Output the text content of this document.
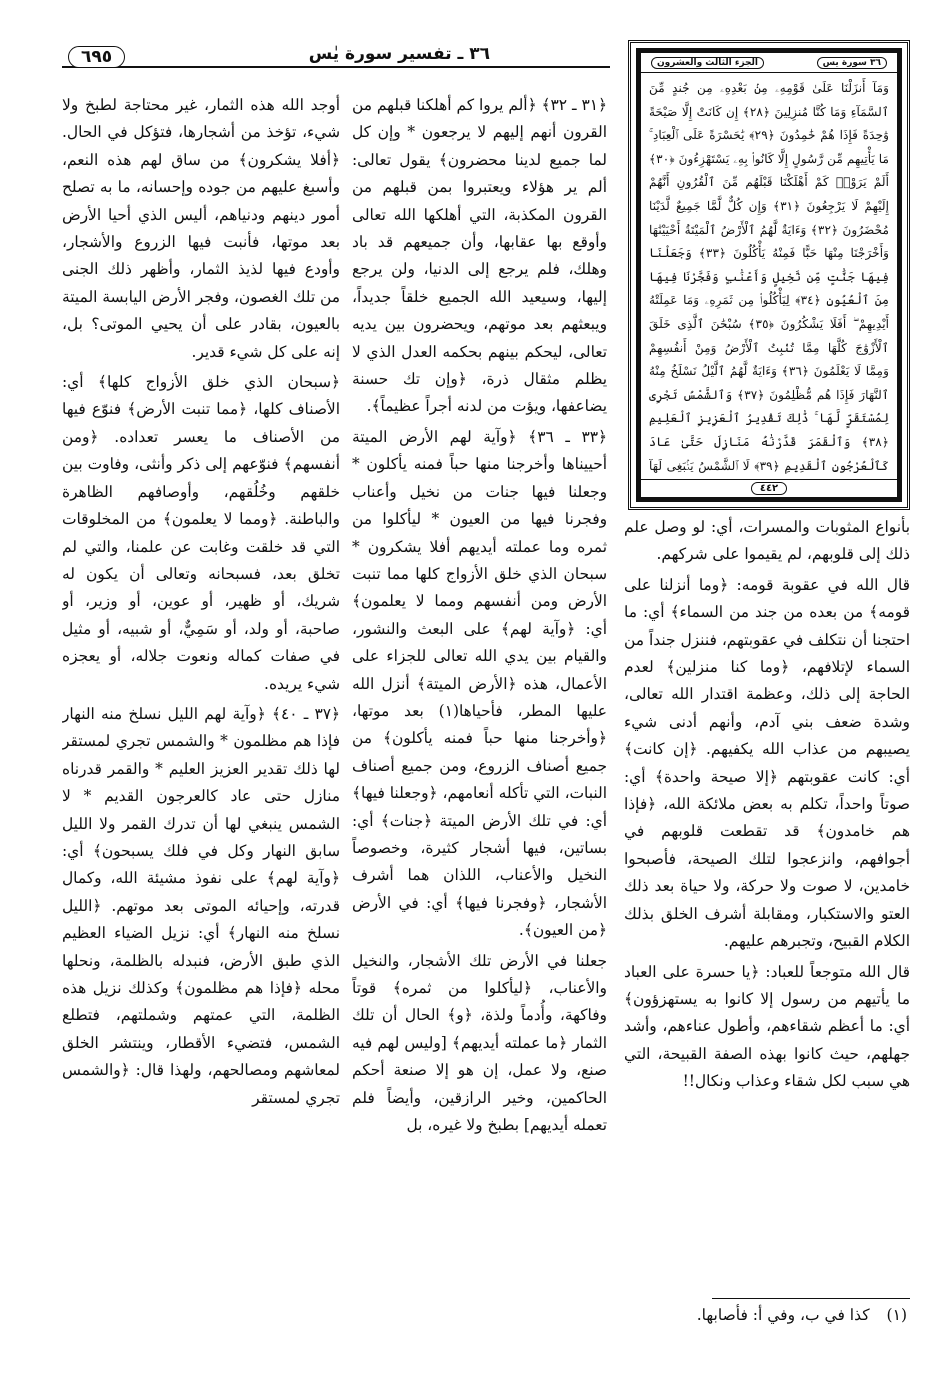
٦٩٥	٣٦ ـ تفسير سورة يٰس	٣٦ سورة يس
الجزء الثالث والعشرون
وَمَآ أَنزَلْنَا عَلَىٰ قَوْمِهِۦ مِنۢ بَعْدِهِۦ مِن جُندٍ مِّنَ ٱلسَّمَآءِ وَمَا كُنَّا مُنزِلِينَ ﴿٢٨﴾ إِن كَانَتْ إِلَّا صَيْحَةً وَٰحِدَةً فَإِذَا هُمْ خَٰمِدُونَ ﴿٢٩﴾ يَٰحَسْرَةً عَلَى ٱلْعِبَادِ ۚ مَا يَأْتِيهِم مِّن رَّسُولٍ إِلَّا كَانُوا۟ بِهِۦ يَسْتَهْزِءُونَ ﴿٣٠﴾ أَلَمْ يَرَوْا۟ كَمْ أَهْلَكْنَا قَبْلَهُم مِّنَ ٱلْقُرُونِ أَنَّهُمْ إِلَيْهِمْ لَا يَرْجِعُونَ ﴿٣١﴾ وَإِن كُلٌّ لَّمَّا جَمِيعٌ لَّدَيْنَا مُحْضَرُونَ ﴿٣٢﴾ وَءَايَةٌ لَّهُمُ ٱلْأَرْضُ ٱلْمَيْتَةُ أَحْيَيْنَٰهَا وَأَخْرَجْنَا مِنْهَا حَبًّا فَمِنْهُ يَأْكُلُونَ ﴿٣٣﴾ وَجَعَلْنَا فِيهَا جَنَّٰتٍ مِّن نَّخِيلٍ وَأَعْنَٰبٍ وَفَجَّرْنَا فِيهَا مِنَ ٱلْعُيُونِ ﴿٣٤﴾ لِيَأْكُلُوا۟ مِن ثَمَرِهِۦ وَمَا عَمِلَتْهُ أَيْدِيهِمْ ۖ أَفَلَا يَشْكُرُونَ ﴿٣٥﴾ سُبْحَٰنَ ٱلَّذِى خَلَقَ ٱلْأَزْوَٰجَ كُلَّهَا مِمَّا تُنۢبِتُ ٱلْأَرْضُ وَمِنْ أَنفُسِهِمْ وَمِمَّا لَا يَعْلَمُونَ ﴿٣٦﴾ وَءَايَةٌ لَّهُمُ ٱلَّيْلُ نَسْلَخُ مِنْهُ ٱلنَّهَارَ فَإِذَا هُم مُّظْلِمُونَ ﴿٣٧﴾ وَٱلشَّمْسُ تَجْرِى لِمُسْتَقَرٍّ لَّهَا ۚ ذَٰلِكَ تَقْدِيرُ ٱلْعَزِيزِ ٱلْعَلِيمِ ﴿٣٨﴾ وَٱلْقَمَرَ قَدَّرْنَٰهُ مَنَازِلَ حَتَّىٰ عَادَ كَٱلْعُرْجُونِ ٱلْقَدِيمِ ﴿٣٩﴾ لَا ٱلشَّمْسُ يَنۢبَغِى لَهَآ
٤٤٢

﴿٣١ ـ ٣٢﴾ ﴿ألم يروا كم أهلكنا قبلهم من القرون أنهم إليهم لا يرجعون * وإن كل لما جميع لدينا محضرون﴾ يقول تعالى: ألم ير هؤلاء ويعتبروا بمن قبلهم من القرون المكذبة، التي أهلكها الله تعالى وأوقع بها عقابها، وأن جميعهم قد باد وهلك، فلم يرجع إلى الدنيا، ولن يرجع إليها، وسيعيد الله الجميع خلقاً جديداً، ويبعثهم بعد موتهم، ويحضرون بين يديه تعالى، ليحكم بينهم بحكمه العدل الذي لا يظلم مثقال ذرة، ﴿وإن تك حسنة يضاعفها، ويؤت من لدنه أجراً عظيماً﴾.

﴿٣٣ ـ ٣٦﴾ ﴿وآية لهم الأرض الميتة أحييناها وأخرجنا منها حباً فمنه يأكلون * وجعلنا فيها جنات من نخيل وأعناب وفجرنا فيها من العيون * ليأكلوا من ثمره وما عملته أيديهم أفلا يشكرون * سبحان الذي خلق الأزواج كلها مما تنبت الأرض ومن أنفسهم ومما لا يعلمون﴾ أي: ﴿وآية لهم﴾ على البعث والنشور، والقيام بين يدي الله تعالى للجزاء على الأعمال، هذه ﴿الأرض الميتة﴾ أنزل الله عليها المطر، فأحياها(١) بعد موتها، ﴿وأخرجنا منها حباً فمنه يأكلون﴾ من جميع أصناف الزروع، ومن جميع أصناف النبات، التي تأكله أنعامهم، ﴿وجعلنا فيها﴾ أي: في تلك الأرض الميتة ﴿جنات﴾ أي: بساتين، فيها أشجار كثيرة، وخصوصاً النخيل والأعناب، اللذان هما أشرف الأشجار، ﴿وفجرنا فيها﴾ أي: في الأرض ﴿من العيون﴾.

جعلنا في الأرض تلك الأشجار، والنخيل والأعناب، ﴿ليأكلوا من ثمره﴾ قوتاً وفاكهة، وأُدماً ولذة، ﴿و﴾ الحال أن تلك الثمار ﴿ما عملته أيديهم﴾ [وليس لهم فيه صنع، ولا عمل، إن هو إلا صنعة أحكم الحاكمين، وخير الرازقين، وأيضاً فلم تعمله أيديهم] بطبخ ولا غيره، بل

أوجد الله هذه الثمار، غير محتاجة لطبخ ولا شيء، تؤخذ من أشجارها، فتؤكل في الحال. ﴿أفلا يشكرون﴾ من ساق لهم هذه النعم، وأسبغ عليهم من جوده وإحسانه، ما به تصلح أمور دينهم ودنياهم، أليس الذي أحيا الأرض بعد موتها، فأنبت فيها الزروع والأشجار، وأودع فيها لذيذ الثمار، وأظهر ذلك الجنى من تلك الغصون، وفجر الأرض اليابسة الميتة بالعيون، بقادر على أن يحيي الموتى؟ بل، إنه على كل شيء قدير.

﴿سبحان الذي خلق الأزواج كلها﴾ أي: الأصناف كلها، ﴿مما تنبت الأرض﴾ فنوّع فيها من الأصناف ما يعسر تعداده. ﴿ومن أنفسهم﴾ فنوّعهم إلى ذكر وأنثى، وفاوت بين خلقهم وخُلُقهم، وأوصافهم الظاهرة والباطنة. ﴿ومما لا يعلمون﴾ من المخلوقات التي قد خلقت وغابت عن علمنا، والتي لم تخلق بعد، فسبحانه وتعالى أن يكون له شريك، أو ظهير، أو عوين، أو وزير، أو صاحبة، أو ولد، أو سَمِيٌّ، أو شبيه، أو مثيل في صفات كماله ونعوت جلاله، أو يعجزه شيء يريده.

﴿٣٧ ـ ٤٠﴾ ﴿وآية لهم الليل نسلخ منه النهار فإذا هم مظلمون * والشمس تجري لمستقر لها ذلك تقدير العزيز العليم * والقمر قدرناه منازل حتى عاد كالعرجون القديم * لا الشمس ينبغي لها أن تدرك القمر ولا الليل سابق النهار وكل في فلك يسبحون﴾ أي: ﴿وآية لهم﴾ على نفوذ مشيئة الله، وكمال قدرته، وإحيائه الموتى بعد موتهم. ﴿الليل نسلخ منه النهار﴾ أي: نزيل الضياء العظيم الذي طبق الأرض، فنبدله بالظلمة، ونحلها محله ﴿فإذا هم مظلمون﴾ وكذلك نزيل هذه الظلمة، التي عمتهم وشملتهم، فتطلع الشمس، فتضيء الأقطار، وينتشر الخلق لمعاشهم ومصالحهم، ولهذا قال: ﴿والشمس تجري لمستقر

بأنواع المثوبات والمسرات، أي: لو وصل علم ذلك إلى قلوبهم، لم يقيموا على شركهم.

قال الله في عقوبة قومه: ﴿وما أنزلنا على قومه﴾ من بعده من جند من السماء﴾ أي: ما احتجنا أن نتكلف في عقوبتهم، فننزل جنداً من السماء لإتلافهم، ﴿وما كنا منزلين﴾ لعدم الحاجة إلى ذلك، وعظمة اقتدار الله تعالى، وشدة ضعف بني آدم، وأنهم أدنى شيء يصيبهم من عذاب الله يكفيهم. ﴿إن كانت﴾ أي: كانت عقوبتهم ﴿إلا صيحة واحدة﴾ أي: صوتاً واحداً، تكلم به بعض ملائكة الله، ﴿فإذا هم خامدون﴾ قد تقطعت قلوبهم في أجوافهم، وانزعجوا لتلك الصيحة، فأصبحوا خامدين، لا صوت ولا حركة، ولا حياة بعد ذلك العتو والاستكبار، ومقابلة أشرف الخلق بذلك الكلام القبيح، وتجبرهم عليهم.

قال الله متوجعاً للعباد: ﴿يا حسرة على العباد ما يأتيهم من رسول إلا كانوا به يستهزؤون﴾ أي: ما أعظم شقاءهم، وأطول عناءهم، وأشد جهلهم، حيث كانوا بهذه الصفة القبيحة، التي هي سبب لكل شقاء وعذاب ونكال!!

(١) كذا في ب، وفي أ: فأصابها.
